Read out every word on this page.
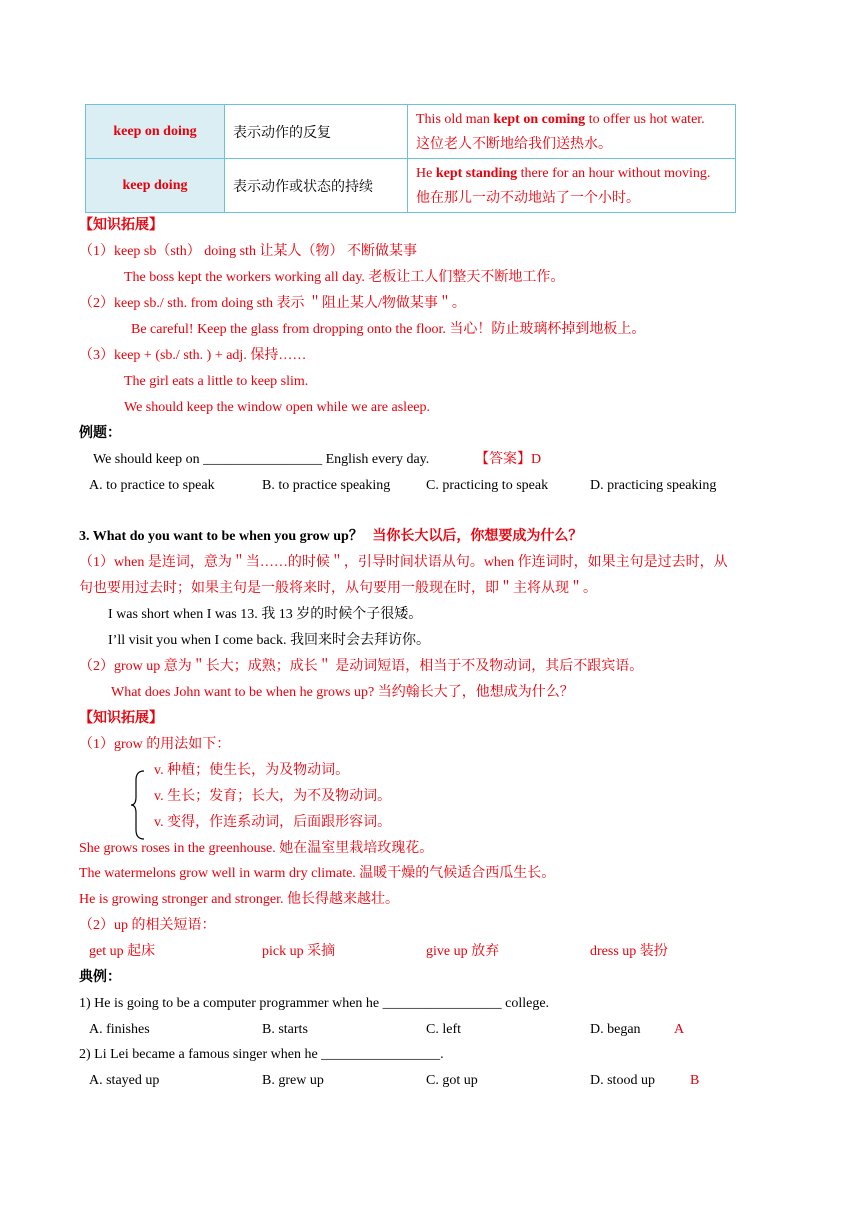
keep on doing	表示动作的反复	This old man kept on coming to offer us hot water.
这位老人不断地给我们送热水。
keep doing	表示动作或状态的持续	He kept standing there for an hour without moving.
他在那儿一动不动地站了一个小时。
【知识拓展】
（1）keep sb（sth） doing sth 让某人（物） 不断做某事
The boss kept the workers working all day. 老板让工人们整天不断地工作。
（2）keep sb./ sth. from doing sth 表示 ＂阻止某人/物做某事＂。
Be careful! Keep the glass from dropping onto the floor. 当心！防止玻璃杯掉到地板上。
（3）keep + (sb./ sth. ) + adj. 保持……
The girl eats a little to keep slim.
We should keep the window open while we are asleep.
例题：
We should keep on _________________ English every day.	【答案】D
A. to practice to speak	B. to practice speaking	C. practicing to speak	D. practicing speaking
3. What do you want to be when you grow up？ 当你长大以后，你想要成为什么？
（1）when 是连词，意为＂当……的时候＂，引导时间状语从句。when 作连词时，如果主句是过去时，从
句也要用过去时；如果主句是一般将来时，从句要用一般现在时，即＂主将从现＂。
I was short when I was 13. 我 13 岁的时候个子很矮。
I’ll visit you when I come back. 我回来时会去拜访你。
（2）grow up 意为＂长大；成熟；成长＂ 是动词短语，相当于不及物动词，其后不跟宾语。
What does John want to be when he grows up? 当约翰长大了，他想成为什么？
【知识拓展】
（1）grow 的用法如下：
v. 种植；使生长，为及物动词。
v. 生长；发育；长大，为不及物动词。
v. 变得，作连系动词，后面跟形容词。
She grows roses in the greenhouse. 她在温室里栽培玫瑰花。
The watermelons grow well in warm dry climate. 温暖干燥的气候适合西瓜生长。
He is growing stronger and stronger. 他长得越来越壮。
（2）up 的相关短语：
get up 起床	pick up 采摘	give up 放弃	dress up 装扮
典例：
1) He is going to be a computer programmer when he _________________ college.
A. finishes	B. starts	C. left	D. began A
2) Li Lei became a famous singer when he _________________.
A. stayed up	B. grew up	C. got up	D. stood up	B
